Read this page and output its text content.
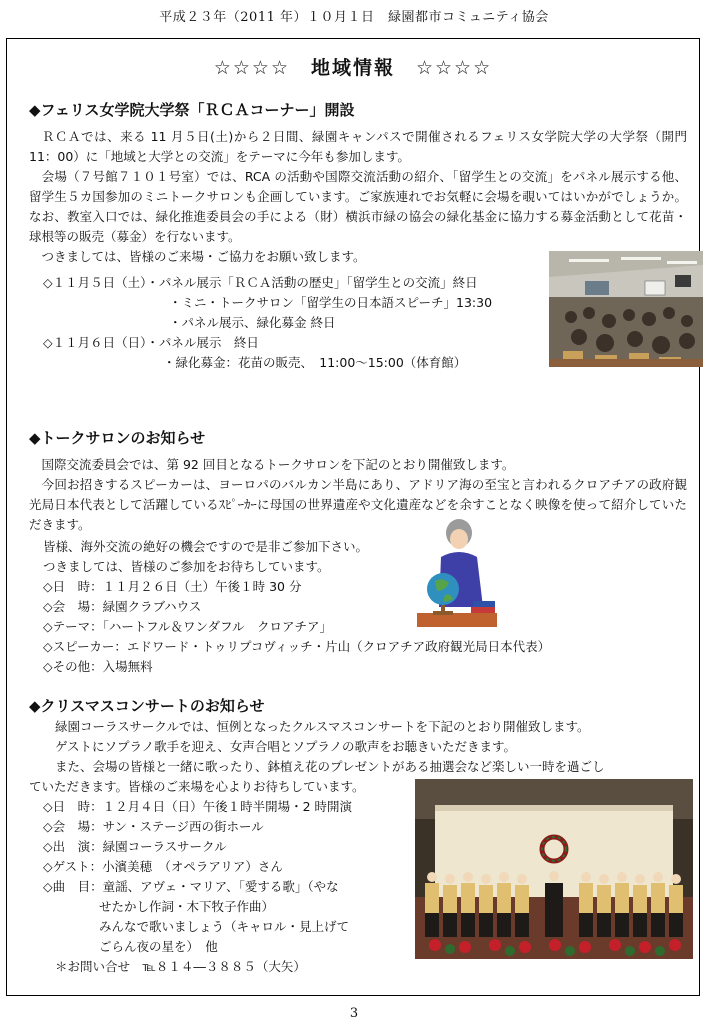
平成２３年（2011 年）１０月１日　緑園都市コミュニティ協会
☆☆☆☆　地域情報　☆☆☆☆
◆フェリス女学院大学祭「ＲＣＡコーナー」開設

　ＲＣＡでは、来る 11 月５日(土)から２日間、緑園キャンパスで開催されるフェリス女学院大学の大学祭（開門 11：00）に「地域と大学との交流」をテーマに今年も参加します。

　会場（７号館７１０１号室）では、RCA の活動や国際交流活動の紹介、「留学生との交流」をパネル展示する他、留学生５カ国参加のミニトークサロンも企画しています。ご家族連れでお気軽に会場を覗いてはいかがでしょうか。なお、教室入口では、緑化推進委員会の手による（財）横浜市緑の協会の緑化基金に協力する募金活動として花苗・球根等の販売（募金）を行ないます。

　つきましては、皆様のご来場・ご協力をお願い致します。
◇１１月５日（土）・パネル展示「ＲＣＡ活動の歴史」「留学生との交流」終日
・ミニ・トークサロン「留学生の日本語スピーチ」13:30
・パネル展示、緑化募金 終日
◇１１月６日（日）・パネル展示　終日
・緑化募金：花苗の販売、　11:00～15:00（体育館）
◆トークサロンのお知らせ

　国際交流委員会では、第 92 回目となるトークサロンを下記のとおり開催致します。

　今回お招きするスピーカーは、ヨーロパのバルカン半島にあり、アドリア海の至宝と言われるクロアチアの政府観光局日本代表として活躍しているｽﾋﾟｰｶｰに母国の世界遺産や文化遺産などを余すことなく映像を使って紹介していただきます。

皆様、海外交流の絶好の機会ですので是非ご参加下さい。
つきましては、皆様のご参加をお待ちしています。
◇日　時：１１月２６日（土）午後１時 30 分
◇会　場：緑園クラブハウス
◇テーマ：「ハートフル＆ワンダフル　クロアチア」
◇スピーカー：エドワード・トゥリプコヴィッチ・片山（クロアチア政府観光局日本代表）
◇その他：入場無料
◆クリスマスコンサートのお知らせ
緑園コーラスサークルでは、恒例となったクルスマスコンサートを下記のとおり開催致します。
ゲストにソプラノ歌手を迎え、女声合唱とソプラノの歌声をお聴きいただきます。
また、会場の皆様と一緒に歌ったり、鉢植え花のプレゼントがある抽選会など楽しい一時を過ごし
ていただきます。皆様のご来場を心よりお待ちしています。
◇日　時：１２月４日（日）午後１時半開場・2 時開演
◇会　場：サン・ステージ西の街ホール
◇出　演：緑園コーラスサークル
◇ゲスト：小濱美穂　（オペラアリア）さん
◇曲　目：童謡、アヴェ・マリア、「愛する歌」（やな
せたかし作詞・木下牧子作曲）
みんなで歌いましょう（キャロル・見上げて
ごらん夜の星を）　他
＊お問い合せ　℡８１４―３８８５（大矢）
3
